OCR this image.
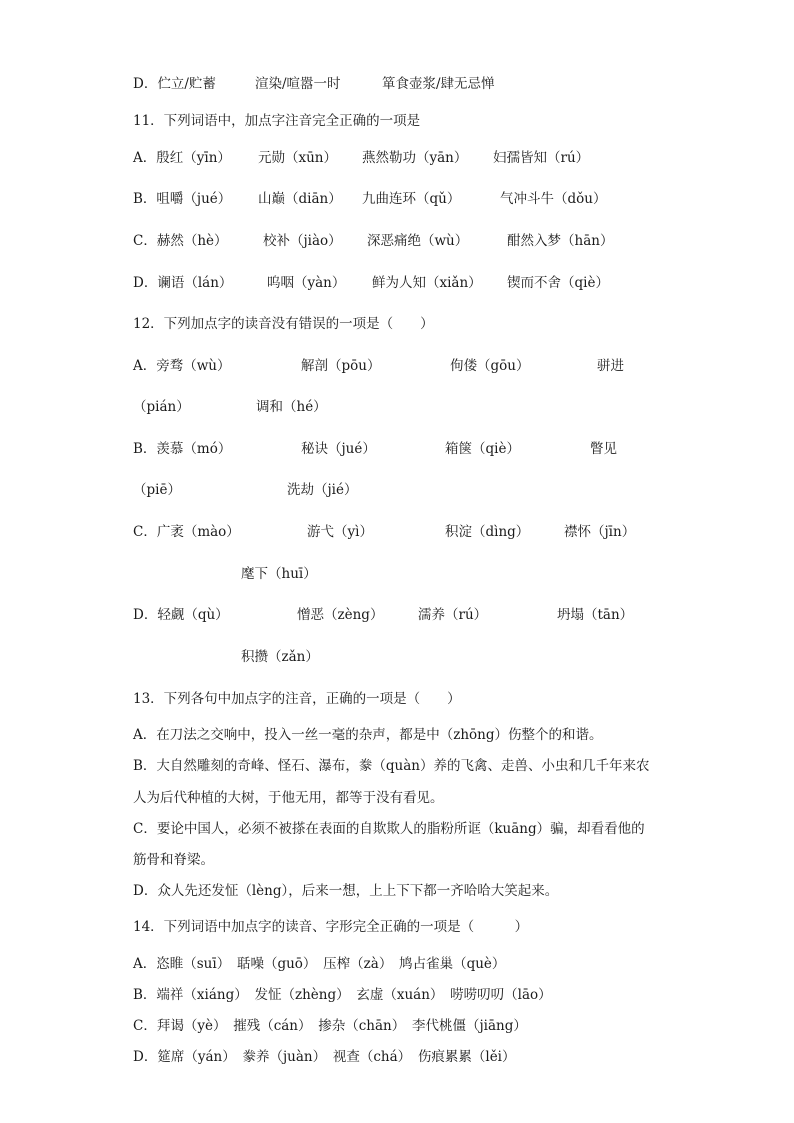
D．伫立/贮蓄	渲染/喧嚣一时	箪食壶浆/肆无忌惮
11．下列词语中，加点字注音完全正确的一项是
A．殷红（yīn） 元勋（xūn） 燕然勒功（yān） 妇孺皆知（rú）
B．咀嚼（jué） 山巅（diān） 九曲连环（qǔ）	气冲斗牛（dǒu）
C．赫然（hè）	校补（jiào） 深恶痛绝（wù）	酣然入梦（hān）
D．谰语（lán）	呜咽（yàn） 鲜为人知（xiǎn） 锲而不舍（qiè）
12．下列加点字的读音没有错误的一项是（　　）
A．旁骛（wù）	解剖（pōu）	佝偻（gōu）	骈进
（pián）	调和（hé）
B．羡慕（mó）	秘诀（jué）	箱箧（qiè）	瞥见
（piē）	洗劫（jié）
C．广袤（mào）	游弋（yì）	积淀（dìng）	襟怀（jīn）
麾下（huī）
D．轻觑（qù）	憎恶（zèng）	濡养（rú）	坍塌（tān）
积攒（zǎn）
13．下列各句中加点字的注音，正确的一项是（　　）
A．在刀法之交响中，投入一丝一毫的杂声，都是中（zhōng）伤整个的和谐。
B．大自然雕刻的奇峰、怪石、瀑布，豢（quàn）养的飞禽、走兽、小虫和几千年来农
人为后代种植的大树，于他无用，都等于没有看见。
C．要论中国人，必须不被搽在表面的自欺欺人的脂粉所诓（kuāng）骗，却看看他的
筋骨和脊梁。
D．众人先还发怔（lèng），后来一想，上上下下都一齐哈哈大笑起来。
14．下列词语中加点字的读音、字形完全正确的一项是（　　　）
A．恣睢（suī）　聒噪（guō）　压榨（zà）　鸠占雀巢（què）
B．端祥（xiáng）　发怔（zhèng）　玄虚（xuán）　唠唠叨叨（lāo）
C．拜谒（yè）　摧残（cán）　掺杂（chān）　李代桃僵（jiāng）
D．筵席（yán）　豢养（juàn）　视查（chá）　伤痕累累（lěi）
